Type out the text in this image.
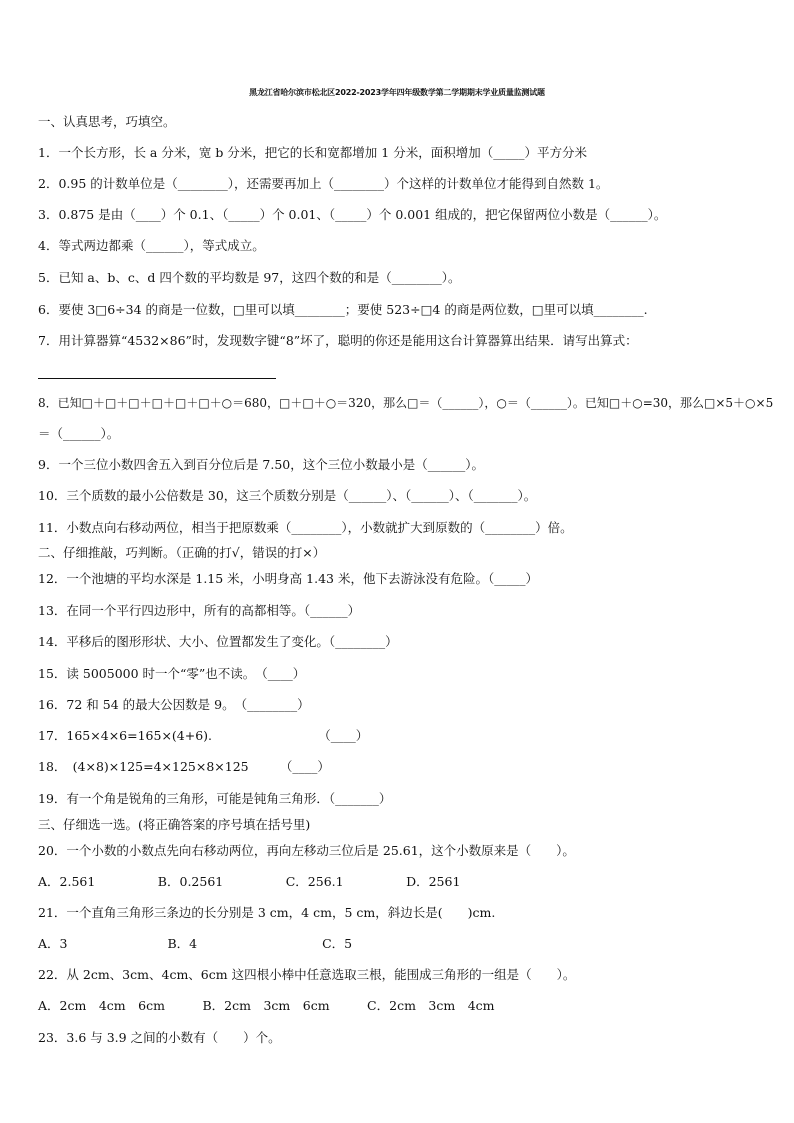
黑龙江省哈尔滨市松北区2022-2023学年四年级数学第二学期期末学业质量监测试题
一、认真思考，巧填空。
1．一个长方形，长 a 分米，宽 b 分米，把它的长和宽都增加 1 分米，面积增加（_____）平方分米
2．0.95 的计数单位是（________），还需要再加上（________）个这样的计数单位才能得到自然数 1。
3．0.875 是由（____）个 0.1、（_____）个 0.01、（_____）个 0.001 组成的，把它保留两位小数是（______）。
4．等式两边都乘（______），等式成立。
5．已知 a、b、c、d 四个数的平均数是 97，这四个数的和是（________）。
6．要使 3□6÷34 的商是一位数，□里可以填________；要使 523÷□4 的商是两位数，□里可以填________.
7．用计算器算“4532×86”时，发现数字键“8”坏了，聪明的你还是能用这台计算器算出结果．请写出算式：
8．已知□＋□＋□＋□＋□＋□＋○＝680，□＋□＋○＝320，那么□＝（______），○＝（______）。已知□＋○=30，那么□×5＋○×5
＝（______）。
9．一个三位小数四舍五入到百分位后是 7.50，这个三位小数最小是（______）。
10．三个质数的最小公倍数是 30，这三个质数分别是（______）、（______）、（_______）。
11．小数点向右移动两位，相当于把原数乘（________），小数就扩大到原数的（________）倍。
二、仔细推敲，巧判断。（正确的打√，错误的打×）
12．一个池塘的平均水深是 1.15 米，小明身高 1.43 米，他下去游泳没有危险。（_____）
13．在同一个平行四边形中，所有的高都相等。（______）
14．平移后的图形形状、大小、位置都发生了变化。（________）
15．读 5005000 时一个“零”也不读。　（____）
16．72 和 54 的最大公因数是 9。　（________）
17．165×4×6=165×(4+6).　　　　　　　　　（____）
18．　(4×8)×125=4×125×8×125　　　（____）
19．有一个角是锐角的三角形，可能是钝角三角形．（_______）
三、仔细选一选。(将正确答案的序号填在括号里)
20．一个小数的小数点先向右移动两位，再向左移动三位后是 25.61，这个小数原来是（　　）。
A．2.561　　　　　B．0.2561　　　　　C．256.1　　　　　D．2561
21．一个直角三角形三条边的长分别是 3 cm，4 cm，5 cm，斜边长是(　　)cm.
A．3　　　　　　　　B．4　　　　　　　　　　C．5
22．从 2cm、3cm、4cm、6cm 这四根小棒中任意选取三根，能围成三角形的一组是（　　）。
A．2cm　4cm　6cm　　　B．2cm　3cm　6cm　　　C．2cm　3cm　4cm
23．3.6 与 3.9 之间的小数有（　　）个。
